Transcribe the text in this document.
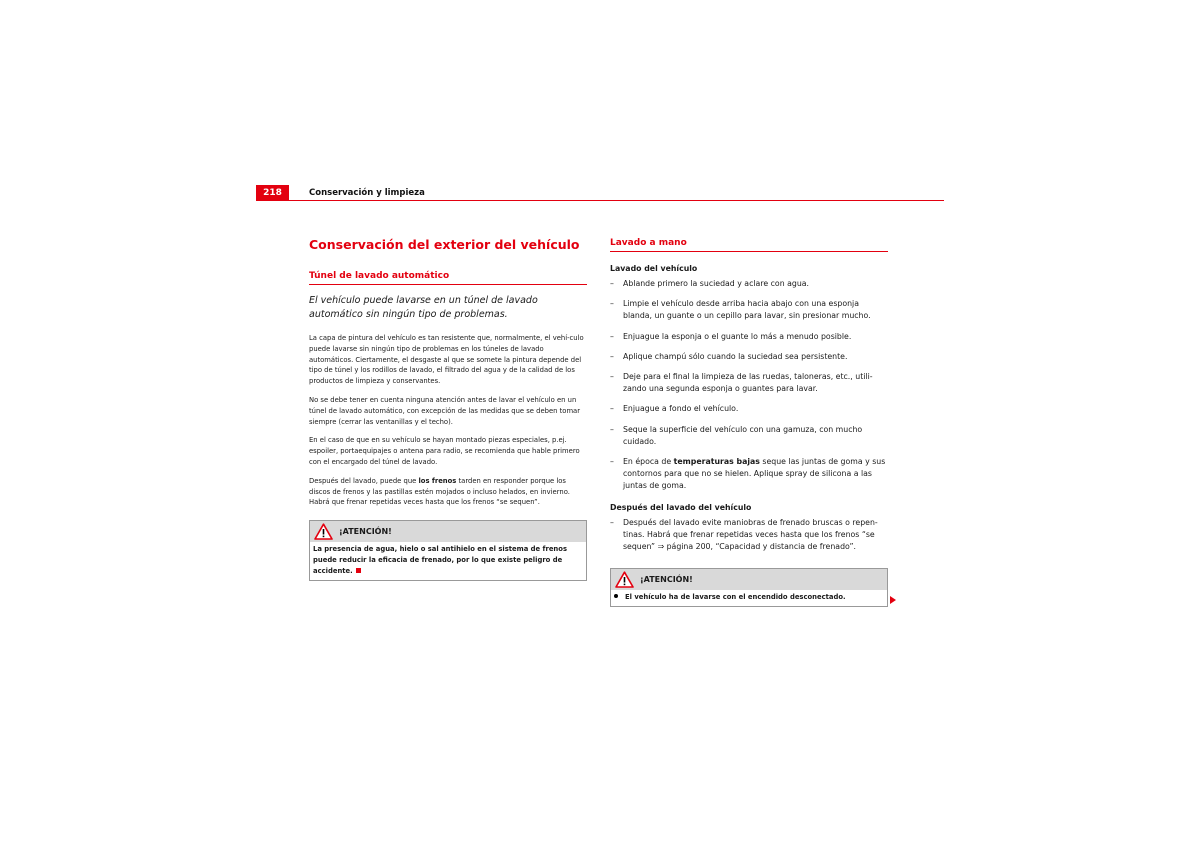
218	Conservación y limpieza
Conservación del exterior del vehículo
Túnel de lavado automático

El vehículo puede lavarse en un túnel de lavado automático sin ningún tipo de problemas.

La capa de pintura del vehículo es tan resistente que, normalmente, el vehí-culo puede lavarse sin ningún tipo de problemas en los túneles de lavado automáticos. Ciertamente, el desgaste al que se somete la pintura depende del tipo de túnel y los rodillos de lavado, el filtrado del agua y de la calidad de los productos de limpieza y conservantes.

No se debe tener en cuenta ninguna atención antes de lavar el vehículo en un túnel de lavado automático, con excepción de las medidas que se deben tomar siempre (cerrar las ventanillas y el techo).

En el caso de que en su vehículo se hayan montado piezas especiales, p.ej. espoiler, portaequipajes o antena para radio, se recomienda que hable primero con el encargado del túnel de lavado.

Después del lavado, puede que los frenos tarden en responder porque los discos de frenos y las pastillas estén mojados o incluso helados, en invierno. Habrá que frenar repetidas veces hasta que los frenos “se sequen”.

¡ATENCIÓN!
La presencia de agua, hielo o sal antihielo en el sistema de frenos puede reducir la eficacia de frenado, por lo que existe peligro de accidente.
Lavado a mano
Lavado del vehículo
– Ablande primero la suciedad y aclare con agua.
– Limpie el vehículo desde arriba hacia abajo con una esponja blanda, un guante o un cepillo para lavar, sin presionar mucho.
– Enjuague la esponja o el guante lo más a menudo posible.
– Aplique champú sólo cuando la suciedad sea persistente.
– Deje para el final la limpieza de las ruedas, taloneras, etc., utili-zando una segunda esponja o guantes para lavar.
– Enjuague a fondo el vehículo.
– Seque la superficie del vehículo con una gamuza, con mucho cuidado.
– En época de temperaturas bajas seque las juntas de goma y sus contornos para que no se hielen. Aplique spray de silicona a las juntas de goma.
Después del lavado del vehículo
– Después del lavado evite maniobras de frenado bruscas o repen-tinas. Habrá que frenar repetidas veces hasta que los frenos “se sequen” ⇒ página 200, “Capacidad y distancia de frenado”.
¡ATENCIÓN!
El vehículo ha de lavarse con el encendido desconectado.
